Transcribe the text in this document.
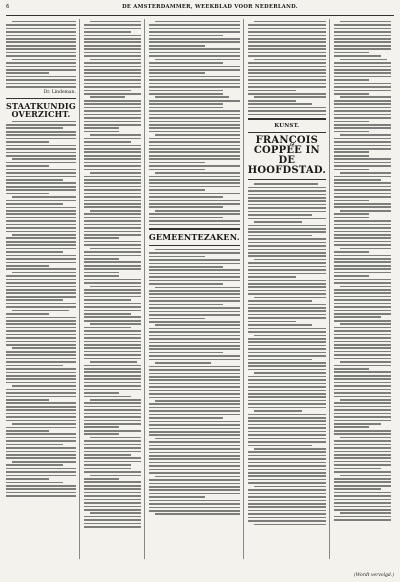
6	DE AMSTERDAMMER, WEEKBLAD VOOR NEDERLAND.
Dr. Lindeman.
STAATKUNDIG OVERZICHT.
GEMEENTEZAKEN.
KUNST.
FRANÇOIS COPPÉE IN DE HOOFDSTAD.
(Wordt vervolgd.)
